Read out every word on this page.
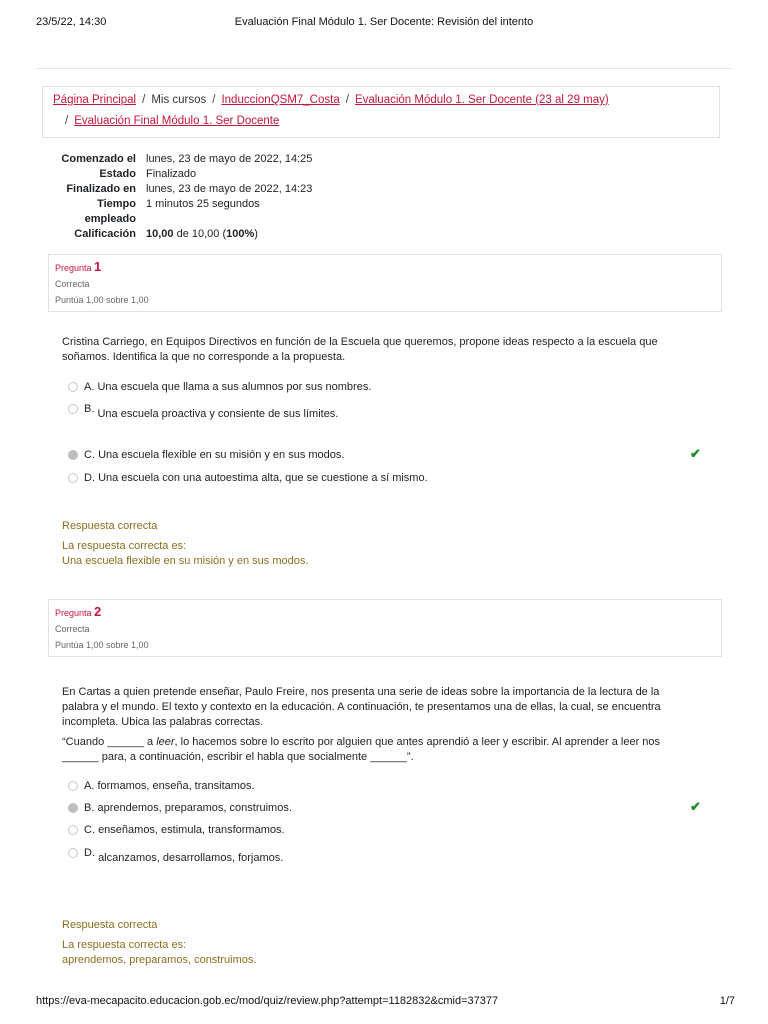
23/5/22, 14:30	Evaluación Final Módulo 1. Ser Docente: Revisión del intento
Página Principal / Mis cursos / InduccionQSM7_Costa / Evaluación Módulo 1. Ser Docente (23 al 29 may)
/ Evaluación Final Módulo 1. Ser Docente
Comenzado el	lunes, 23 de mayo de 2022, 14:25
Estado	Finalizado
Finalizado en	lunes, 23 de mayo de 2022, 14:23
Tiempo empleado	1 minutos 25 segundos
Calificación	10,00 de 10,00 (100%)
Pregunta 1
Correcta
Puntúa 1,00 sobre 1,00
Cristina Carriego, en Equipos Directivos en función de la Escuela que queremos, propone ideas respecto a la escuela que soñamos. Identifica la que no corresponde a la propuesta.
A. Una escuela que llama a sus alumnos por sus nombres.
B. Una escuela proactiva y consiente de sus límites.
C. Una escuela flexible en su misión y en sus modos.	✔
D. Una escuela con una autoestima alta, que se cuestione a sí mismo.
Respuesta correcta
La respuesta correcta es:
Una escuela flexible en su misión y en sus modos.
Pregunta 2
Correcta
Puntúa 1,00 sobre 1,00
En Cartas a quien pretende enseñar, Paulo Freire, nos presenta una serie de ideas sobre la importancia de la lectura de la palabra y el mundo. El texto y contexto en la educación. A continuación, te presentamos una de ellas, la cual, se encuentra incompleta. Ubica las palabras correctas.
“Cuando ______ a leer, lo hacemos sobre lo escrito por alguien que antes aprendió a leer y escribir. Al aprender a leer nos ______ para, a continuación, escribir el habla que socialmente ______”.
A. formamos, enseña, transitamos.
B. aprendemos, preparamos, construimos.	✔
C. enseñamos, estimula, transformamos.
D. alcanzamos, desarrollamos, forjamos.
Respuesta correcta
La respuesta correcta es:
aprendemos, preparamos, construimos.
https://eva-mecapacito.educacion.gob.ec/mod/quiz/review.php?attempt=1182832&cmid=37377	1/7
